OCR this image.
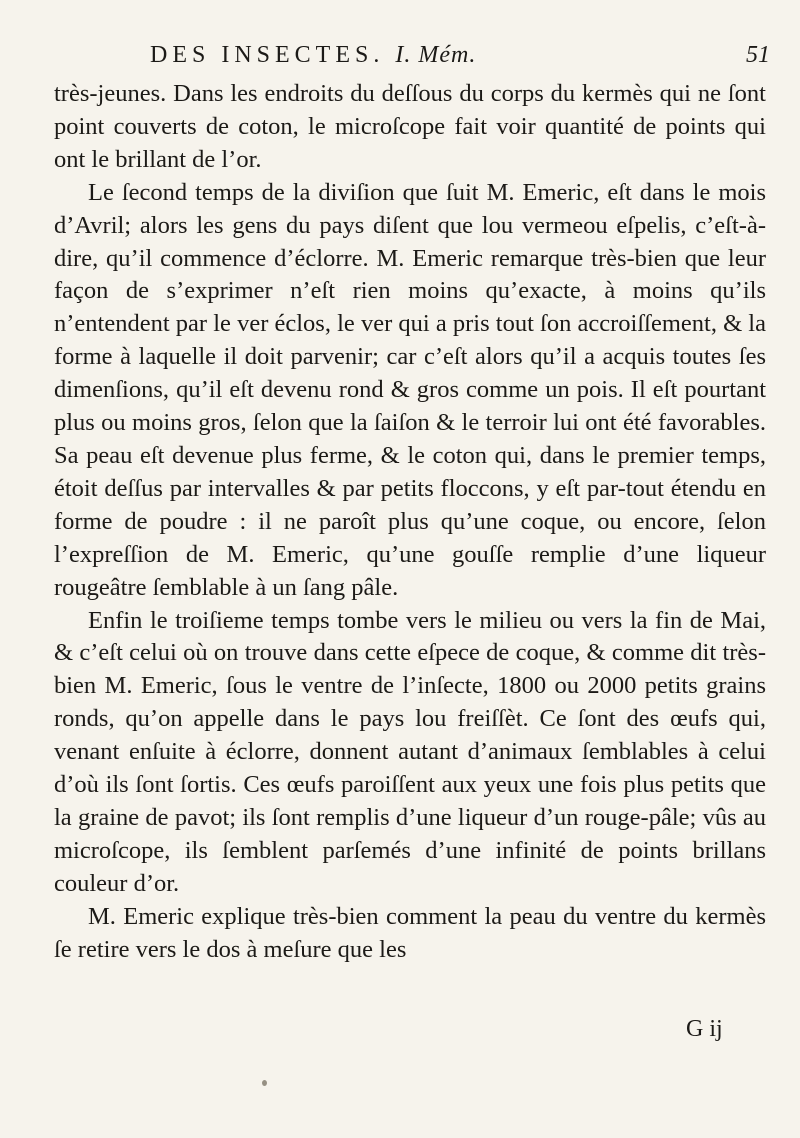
DES INSECTES. I. Mém.	51

très-jeunes. Dans les endroits du deſſous du corps du kermès qui ne ſont point couverts de coton, le microſcope fait voir quantité de points qui ont le brillant de l’or.

Le ſecond temps de la diviſion que ſuit M. Emeric, eſt dans le mois d’Avril; alors les gens du pays diſent que lou vermeou eſpelis, c’eſt-à-dire, qu’il commence d’éclorre. M. Emeric remarque très-bien que leur façon de s’exprimer n’eſt rien moins qu’exacte, à moins qu’ils n’entendent par le ver éclos, le ver qui a pris tout ſon accroiſſement, & la forme à laquelle il doit parvenir; car c’eſt alors qu’il a acquis toutes ſes dimenſions, qu’il eſt devenu rond & gros comme un pois. Il eſt pourtant plus ou moins gros, ſelon que la ſaiſon & le terroir lui ont été favorables. Sa peau eſt devenue plus ferme, & le coton qui, dans le premier temps, étoit deſſus par intervalles & par petits floccons, y eſt par-tout étendu en forme de poudre : il ne paroît plus qu’une coque, ou encore, ſelon l’expreſſion de M. Emeric, qu’une gouſſe remplie d’une liqueur rougeâtre ſemblable à un ſang pâle.

Enfin le troiſieme temps tombe vers le milieu ou vers la fin de Mai, & c’eſt celui où on trouve dans cette eſpece de coque, & comme dit très-bien M. Emeric, ſous le ventre de l’inſecte, 1800 ou 2000 petits grains ronds, qu’on appelle dans le pays lou freiſſèt. Ce ſont des œufs qui, venant enſuite à éclorre, donnent autant d’animaux ſemblables à celui d’où ils ſont ſortis. Ces œufs paroiſſent aux yeux une fois plus petits que la graine de pavot; ils ſont remplis d’une liqueur d’un rouge-pâle; vûs au microſcope, ils ſemblent parſemés d’une infinité de points brillans couleur d’or.

M. Emeric explique très-bien comment la peau du ventre du kermès ſe retire vers le dos à meſure que les

G ij
